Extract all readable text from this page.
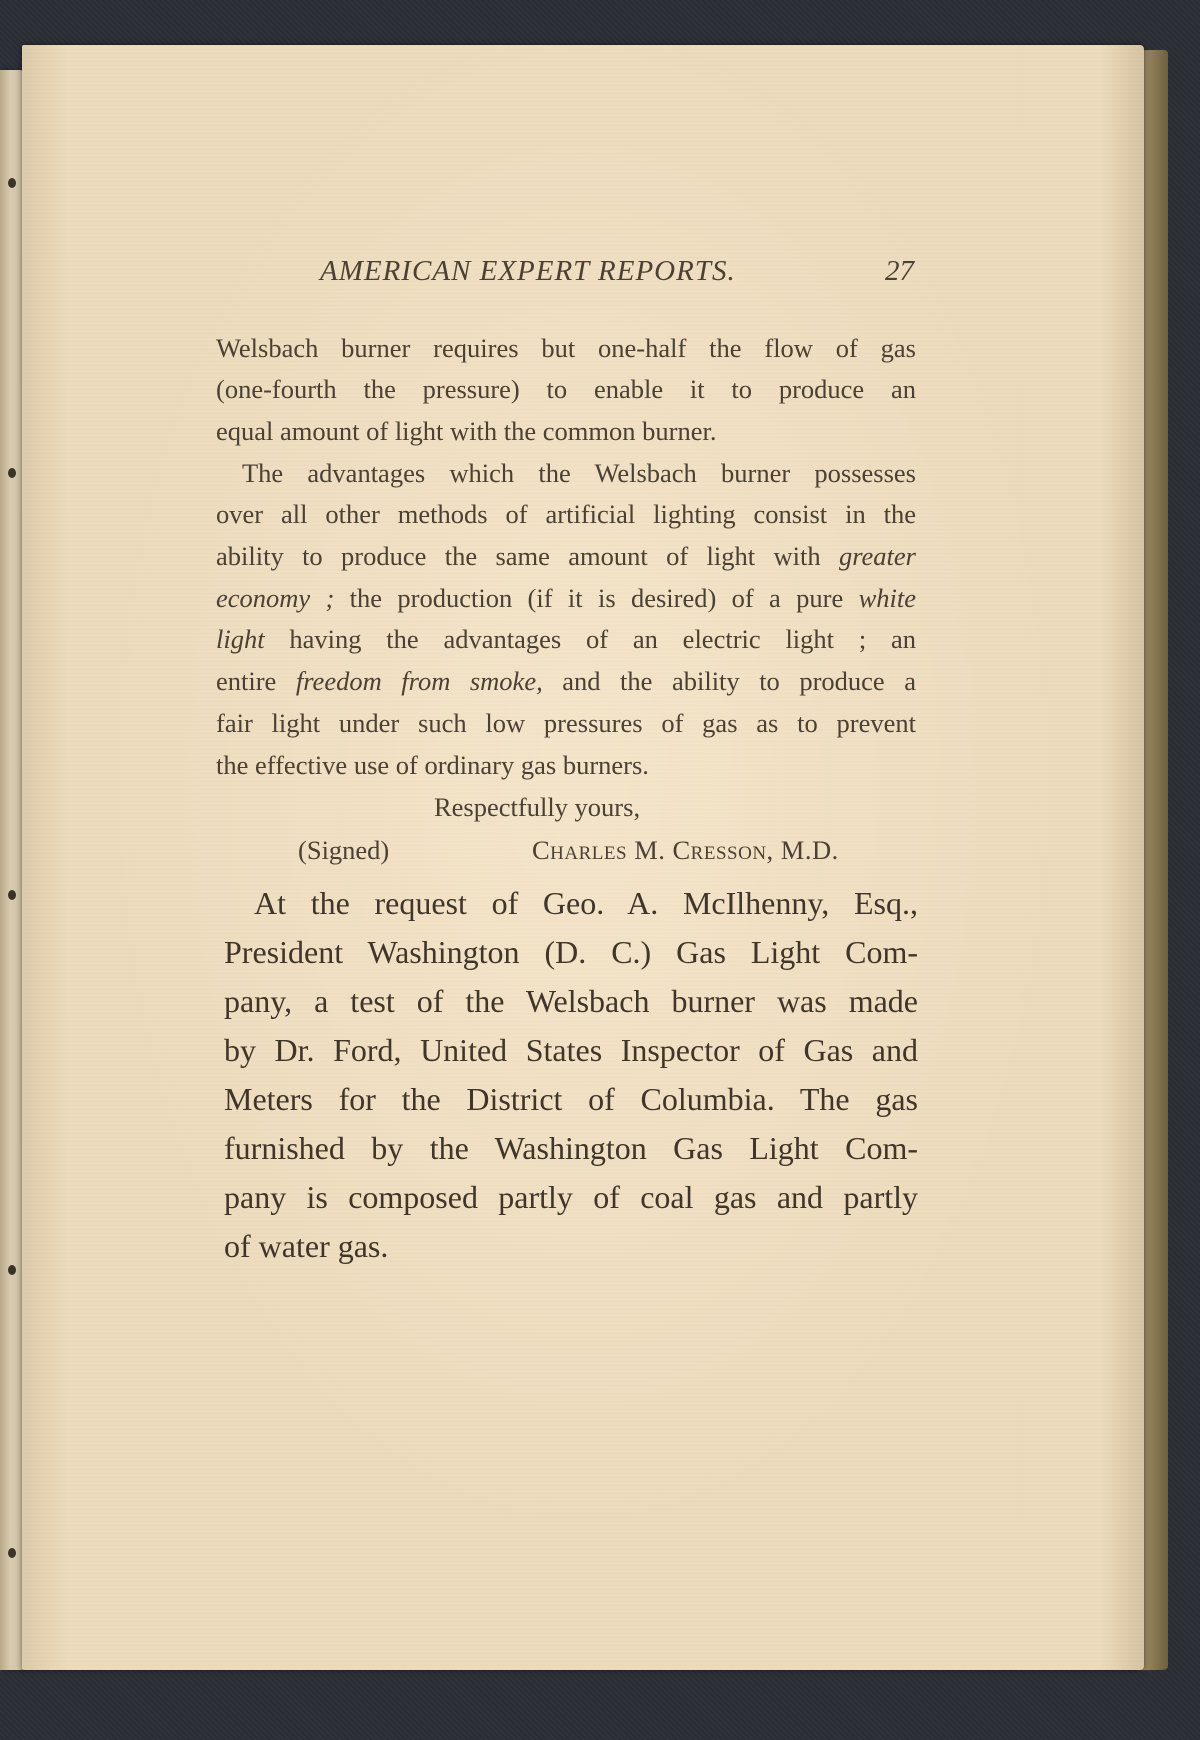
AMERICAN EXPERT REPORTS.	27
Welsbach burner requires but one-half the flow of gas
(one-fourth the pressure) to enable it to produce an
equal amount of light with the common burner.
The advantages which the Welsbach burner possesses
over all other methods of artificial lighting consist in the
ability to produce the same amount of light with greater
economy ; the production (if it is desired) of a pure white
light having the advantages of an electric light ; an
entire freedom from smoke, and the ability to produce a
fair light under such low pressures of gas as to prevent
the effective use of ordinary gas burners.
Respectfully yours,
(Signed)	Charles M. Cresson, M.D.
At the request of Geo. A. McIlhenny, Esq.,
President Washington (D. C.) Gas Light Com-
pany, a test of the Welsbach burner was made
by Dr. Ford, United States Inspector of Gas and
Meters for the District of Columbia. The gas
furnished by the Washington Gas Light Com-
pany is composed partly of coal gas and partly
of water gas.
